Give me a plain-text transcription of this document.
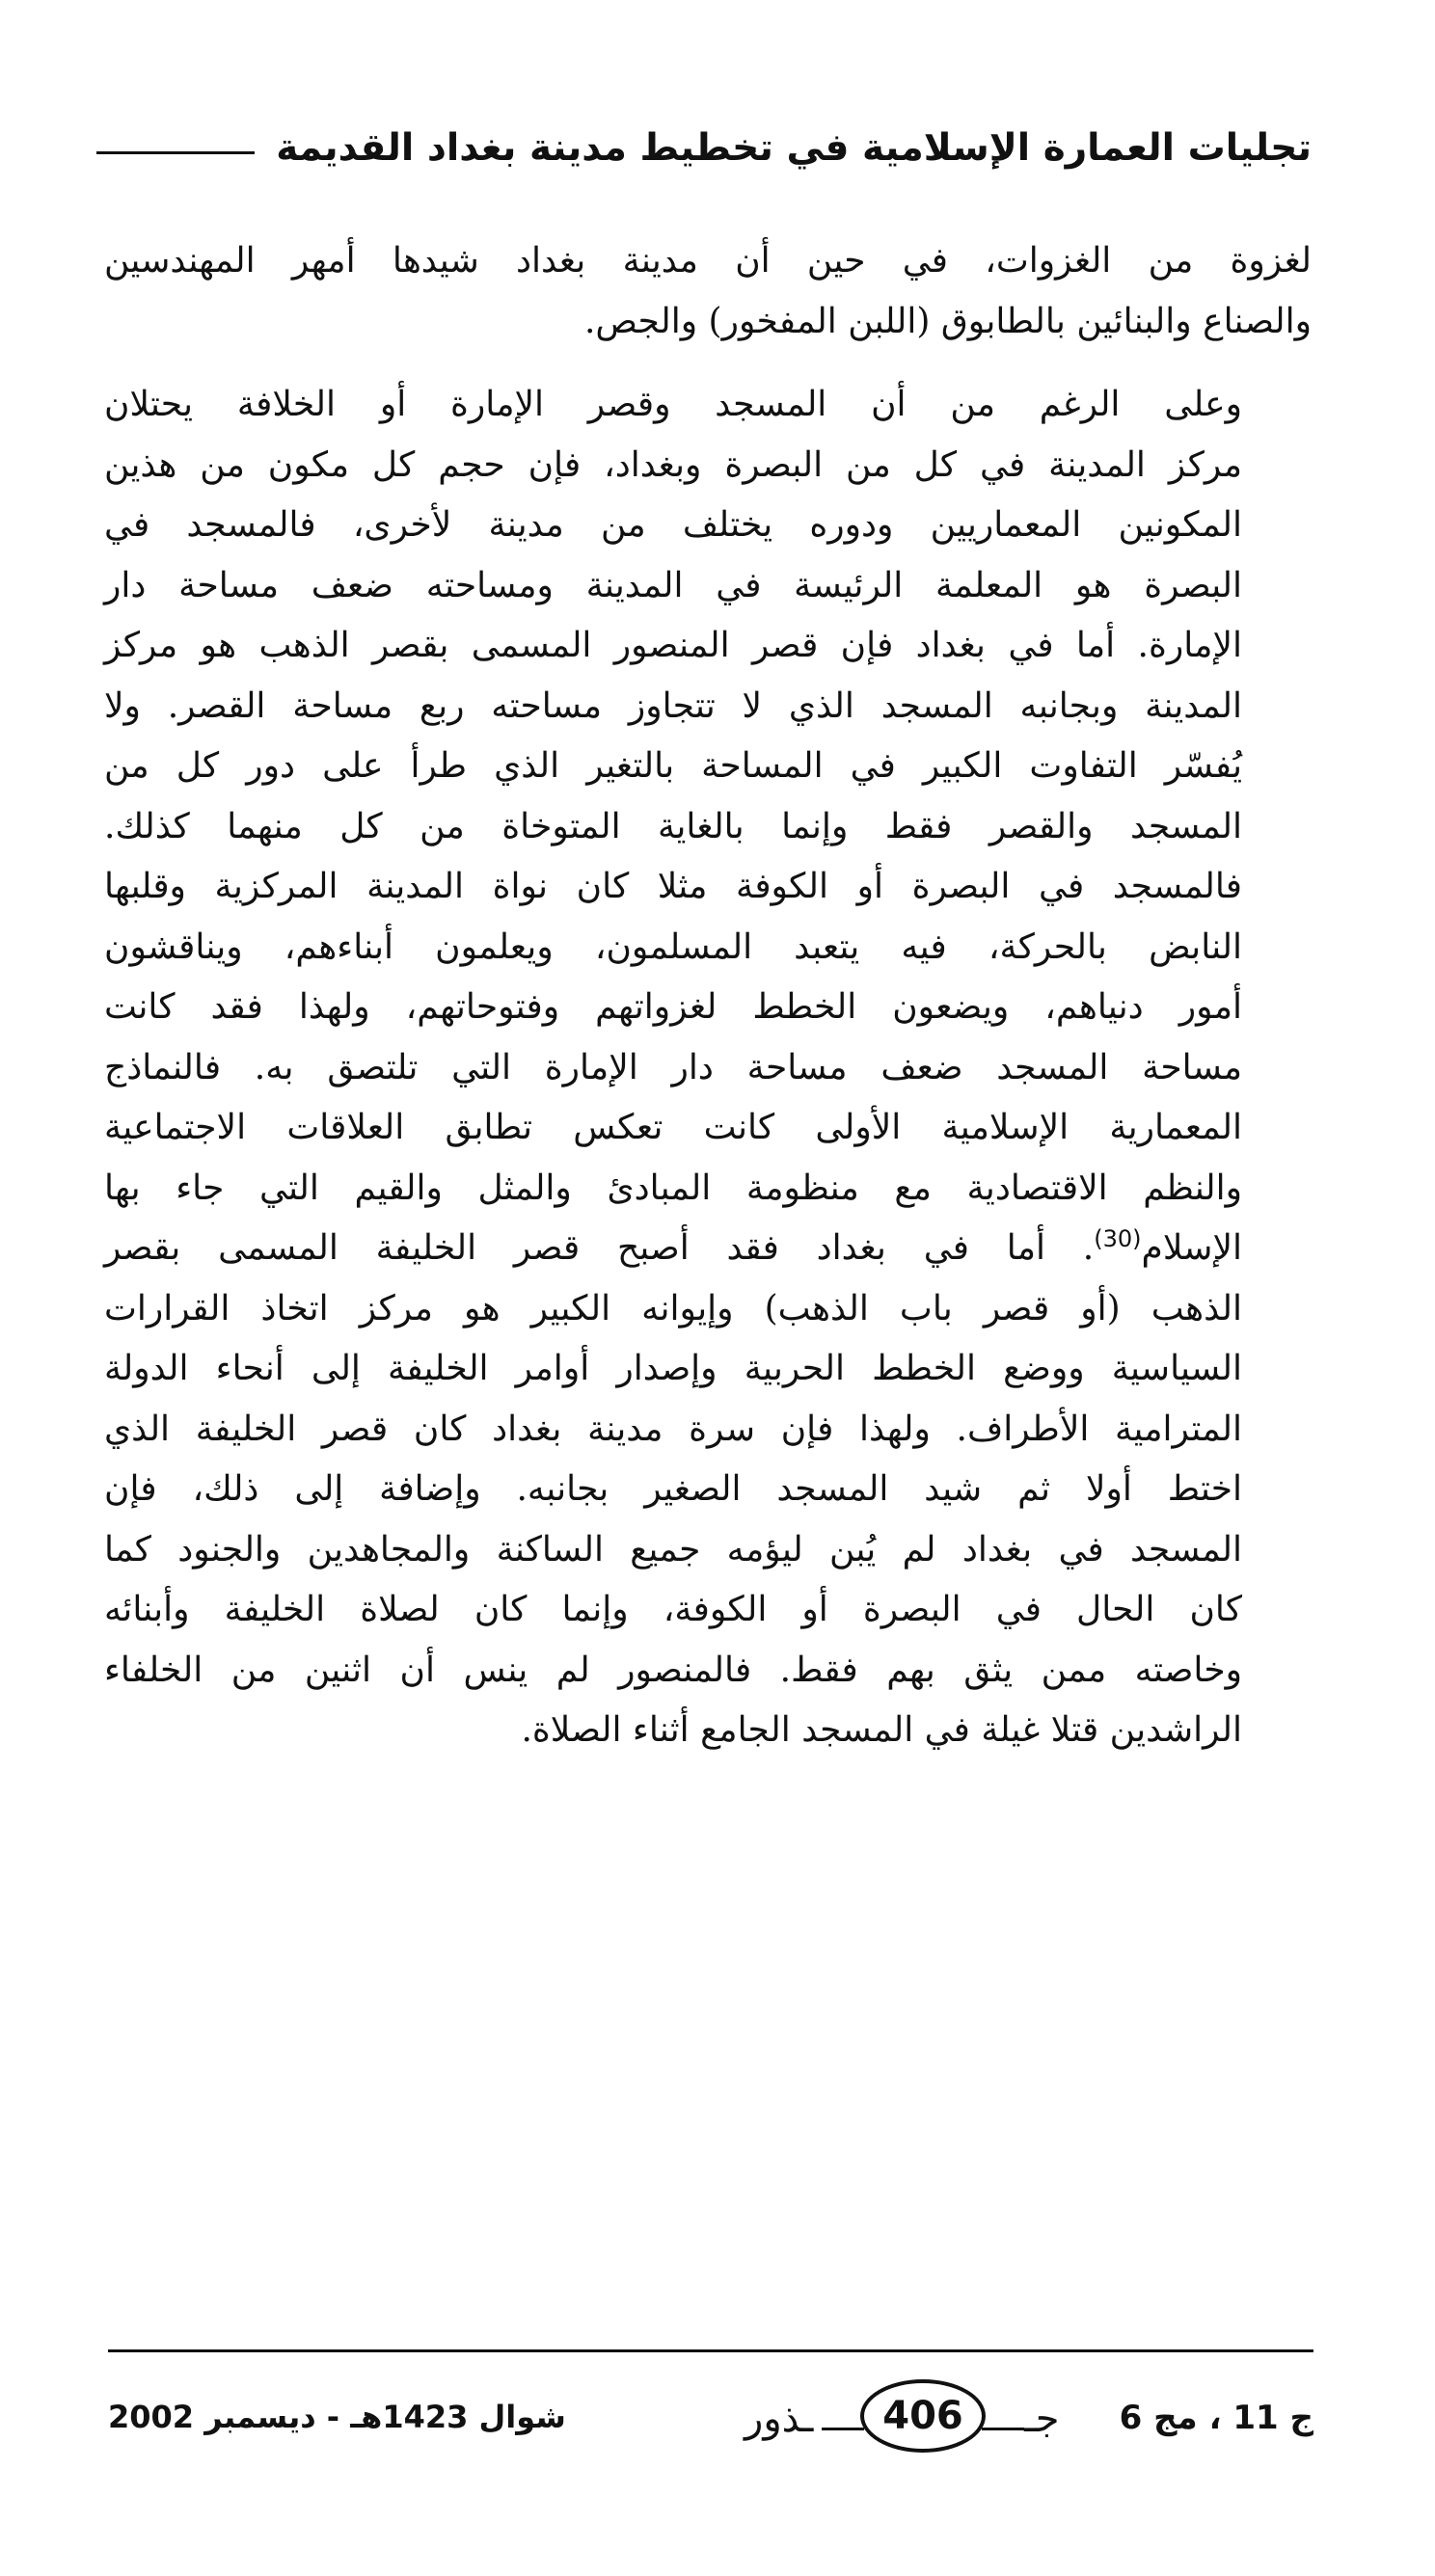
تجليات العمارة الإسلامية في تخطيط مدينة بغداد القديمة

لغزوة من الغزوات، في حين أن مدينة بغداد شيدها أمهر المهندسين
والصناع والبنائين بالطابوق (اللبن المفخور) والجص.

وعلى الرغم من أن المسجد وقصر الإمارة أو الخلافة يحتلان
مركز المدينة في كل من البصرة وبغداد، فإن حجم كل مكون من هذين
المكونين المعماريين ودوره يختلف من مدينة لأخرى، فالمسجد في
البصرة هو المعلمة الرئيسة في المدينة ومساحته ضعف مساحة دار
الإمارة. أما في بغداد فإن قصر المنصور المسمى بقصر الذهب هو مركز
المدينة وبجانبه المسجد الذي لا تتجاوز مساحته ربع مساحة القصر. ولا
يُفسّر التفاوت الكبير في المساحة بالتغير الذي طرأ على دور كل من
المسجد والقصر فقط وإنما بالغاية المتوخاة من كل منهما كذلك.
فالمسجد في البصرة أو الكوفة مثلا كان نواة المدينة المركزية وقلبها
النابض بالحركة، فيه يتعبد المسلمون، ويعلمون أبناءهم، ويناقشون
أمور دنياهم، ويضعون الخطط لغزواتهم وفتوحاتهم، ولهذا فقد كانت
مساحة المسجد ضعف مساحة دار الإمارة التي تلتصق به. فالنماذج
المعمارية الإسلامية الأولى كانت تعكس تطابق العلاقات الاجتماعية
والنظم الاقتصادية مع منظومة المبادئ والمثل والقيم التي جاء بها
الإسلام$^{(30)}$. أما في بغداد فقد أصبح قصر الخليفة المسمى بقصر
الذهب (أو قصر باب الذهب) وإيوانه الكبير هو مركز اتخاذ القرارات
السياسية ووضع الخطط الحربية وإصدار أوامر الخليفة إلى أنحاء الدولة
المترامية الأطراف. ولهذا فإن سرة مدينة بغداد كان قصر الخليفة الذي
اختط أولا ثم شيد المسجد الصغير بجانبه. وإضافة إلى ذلك، فإن
المسجد في بغداد لم يُبن ليؤمه جميع الساكنة والمجاهدين والجنود كما
كان الحال في البصرة أو الكوفة، وإنما كان لصلاة الخليفة وأبنائه
وخاصته ممن يثق بهم فقط. فالمنصور لم ينس أن اثنين من الخلفاء
الراشدين قتلا غيلة في المسجد الجامع أثناء الصلاة.

ج 11 ، مج 6
ـذور	406	جـ
شوال 1423هـ - ديسمبر 2002
